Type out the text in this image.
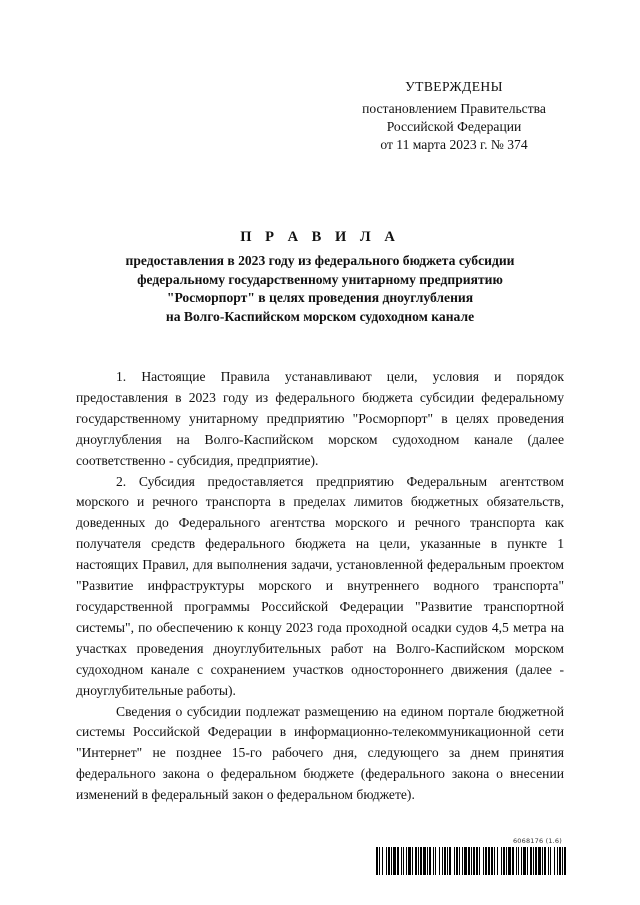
УТВЕРЖДЕНЫ
постановлением Правительства
Российской Федерации
от 11 марта 2023 г. № 374
П Р А В И Л А
предоставления в 2023 году из федерального бюджета субсидии
федеральному государственному унитарному предприятию
"Росморпорт" в целях проведения дноуглубления
на Волго-Каспийском морском судоходном канале

1. Настоящие Правила устанавливают цели, условия и порядок предоставления в 2023 году из федерального бюджета субсидии федеральному государственному унитарному предприятию "Росморпорт" в целях проведения дноуглубления на Волго-Каспийском морском судоходном канале (далее соответственно - субсидия, предприятие).

2. Субсидия предоставляется предприятию Федеральным агентством морского и речного транспорта в пределах лимитов бюджетных обязательств, доведенных до Федерального агентства морского и речного транспорта как получателя средств федерального бюджета на цели, указанные в пункте 1 настоящих Правил, для выполнения задачи, установленной федеральным проектом "Развитие инфраструктуры морского и внутреннего водного транспорта" государственной программы Российской Федерации "Развитие транспортной системы", по обеспечению к концу 2023 года проходной осадки судов 4,5 метра на участках проведения дноуглубительных работ на Волго-Каспийском морском судоходном канале с сохранением участков одностороннего движения (далее - дноуглубительные работы).

Сведения о субсидии подлежат размещению на едином портале бюджетной системы Российской Федерации в информационно-телекоммуникационной сети "Интернет" не позднее 15-го рабочего дня, следующего за днем принятия федерального закона о федеральном бюджете (федерального закона о внесении изменений в федеральный закон о федеральном бюджете).

6068176 (1.6)
